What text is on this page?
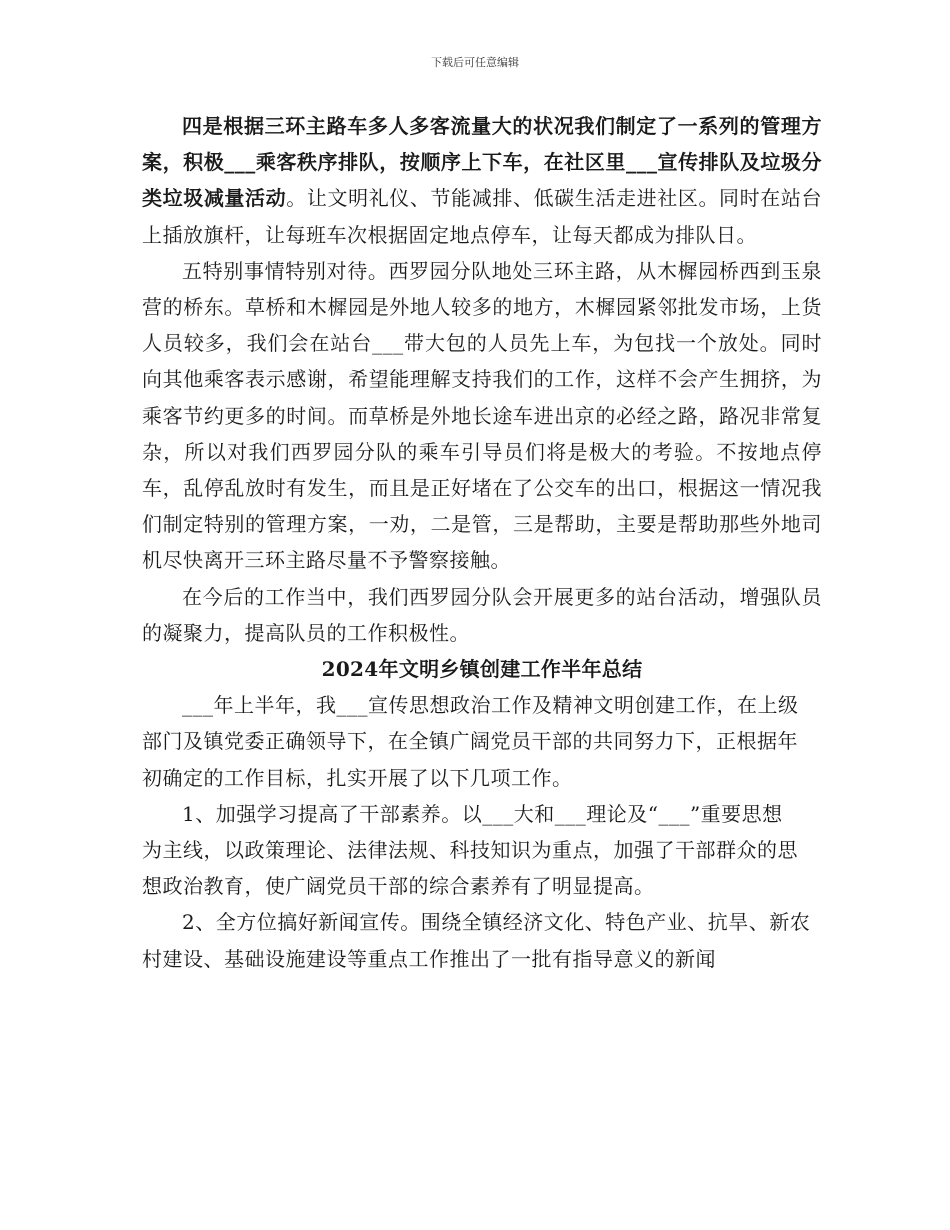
下载后可任意编辑

四是根据三环主路车多人多客流量大的状况我们制定了一系列的管理方案，积极___乘客秩序排队，按顺序上下车，在社区里___宣传排队及垃圾分类垃圾减量活动。让文明礼仪、节能减排、低碳生活走进社区。同时在站台上插放旗杆，让每班车次根据固定地点停车，让每天都成为排队日。

五特别事情特别对待。西罗园分队地处三环主路，从木樨园桥西到玉泉营的桥东。草桥和木樨园是外地人较多的地方，木樨园紧邻批发市场，上货人员较多，我们会在站台___带大包的人员先上车，为包找一个放处。同时向其他乘客表示感谢，希望能理解支持我们的工作，这样不会产生拥挤，为乘客节约更多的时间。而草桥是外地长途车进出京的必经之路，路况非常复杂，所以对我们西罗园分队的乘车引导员们将是极大的考验。不按地点停车，乱停乱放时有发生，而且是正好堵在了公交车的出口，根据这一情况我们制定特别的管理方案，一劝，二是管，三是帮助，主要是帮助那些外地司机尽快离开三环主路尽量不予警察接触。

在今后的工作当中，我们西罗园分队会开展更多的站台活动，增强队员的凝聚力，提高队员的工作积极性。

2024年文明乡镇创建工作半年总结

___年上半年，我___宣传思想政治工作及精神文明创建工作，在上级部门及镇党委正确领导下，在全镇广阔党员干部的共同努力下，正根据年初确定的工作目标，扎实开展了以下几项工作。

1、加强学习提高了干部素养。以___大和___理论及“___”重要思想为主线，以政策理论、法律法规、科技知识为重点，加强了干部群众的思想政治教育，使广阔党员干部的综合素养有了明显提高。

2、全方位搞好新闻宣传。围绕全镇经济文化、特色产业、抗旱、新农村建设、基础设施建设等重点工作推出了一批有指导意义的新闻
